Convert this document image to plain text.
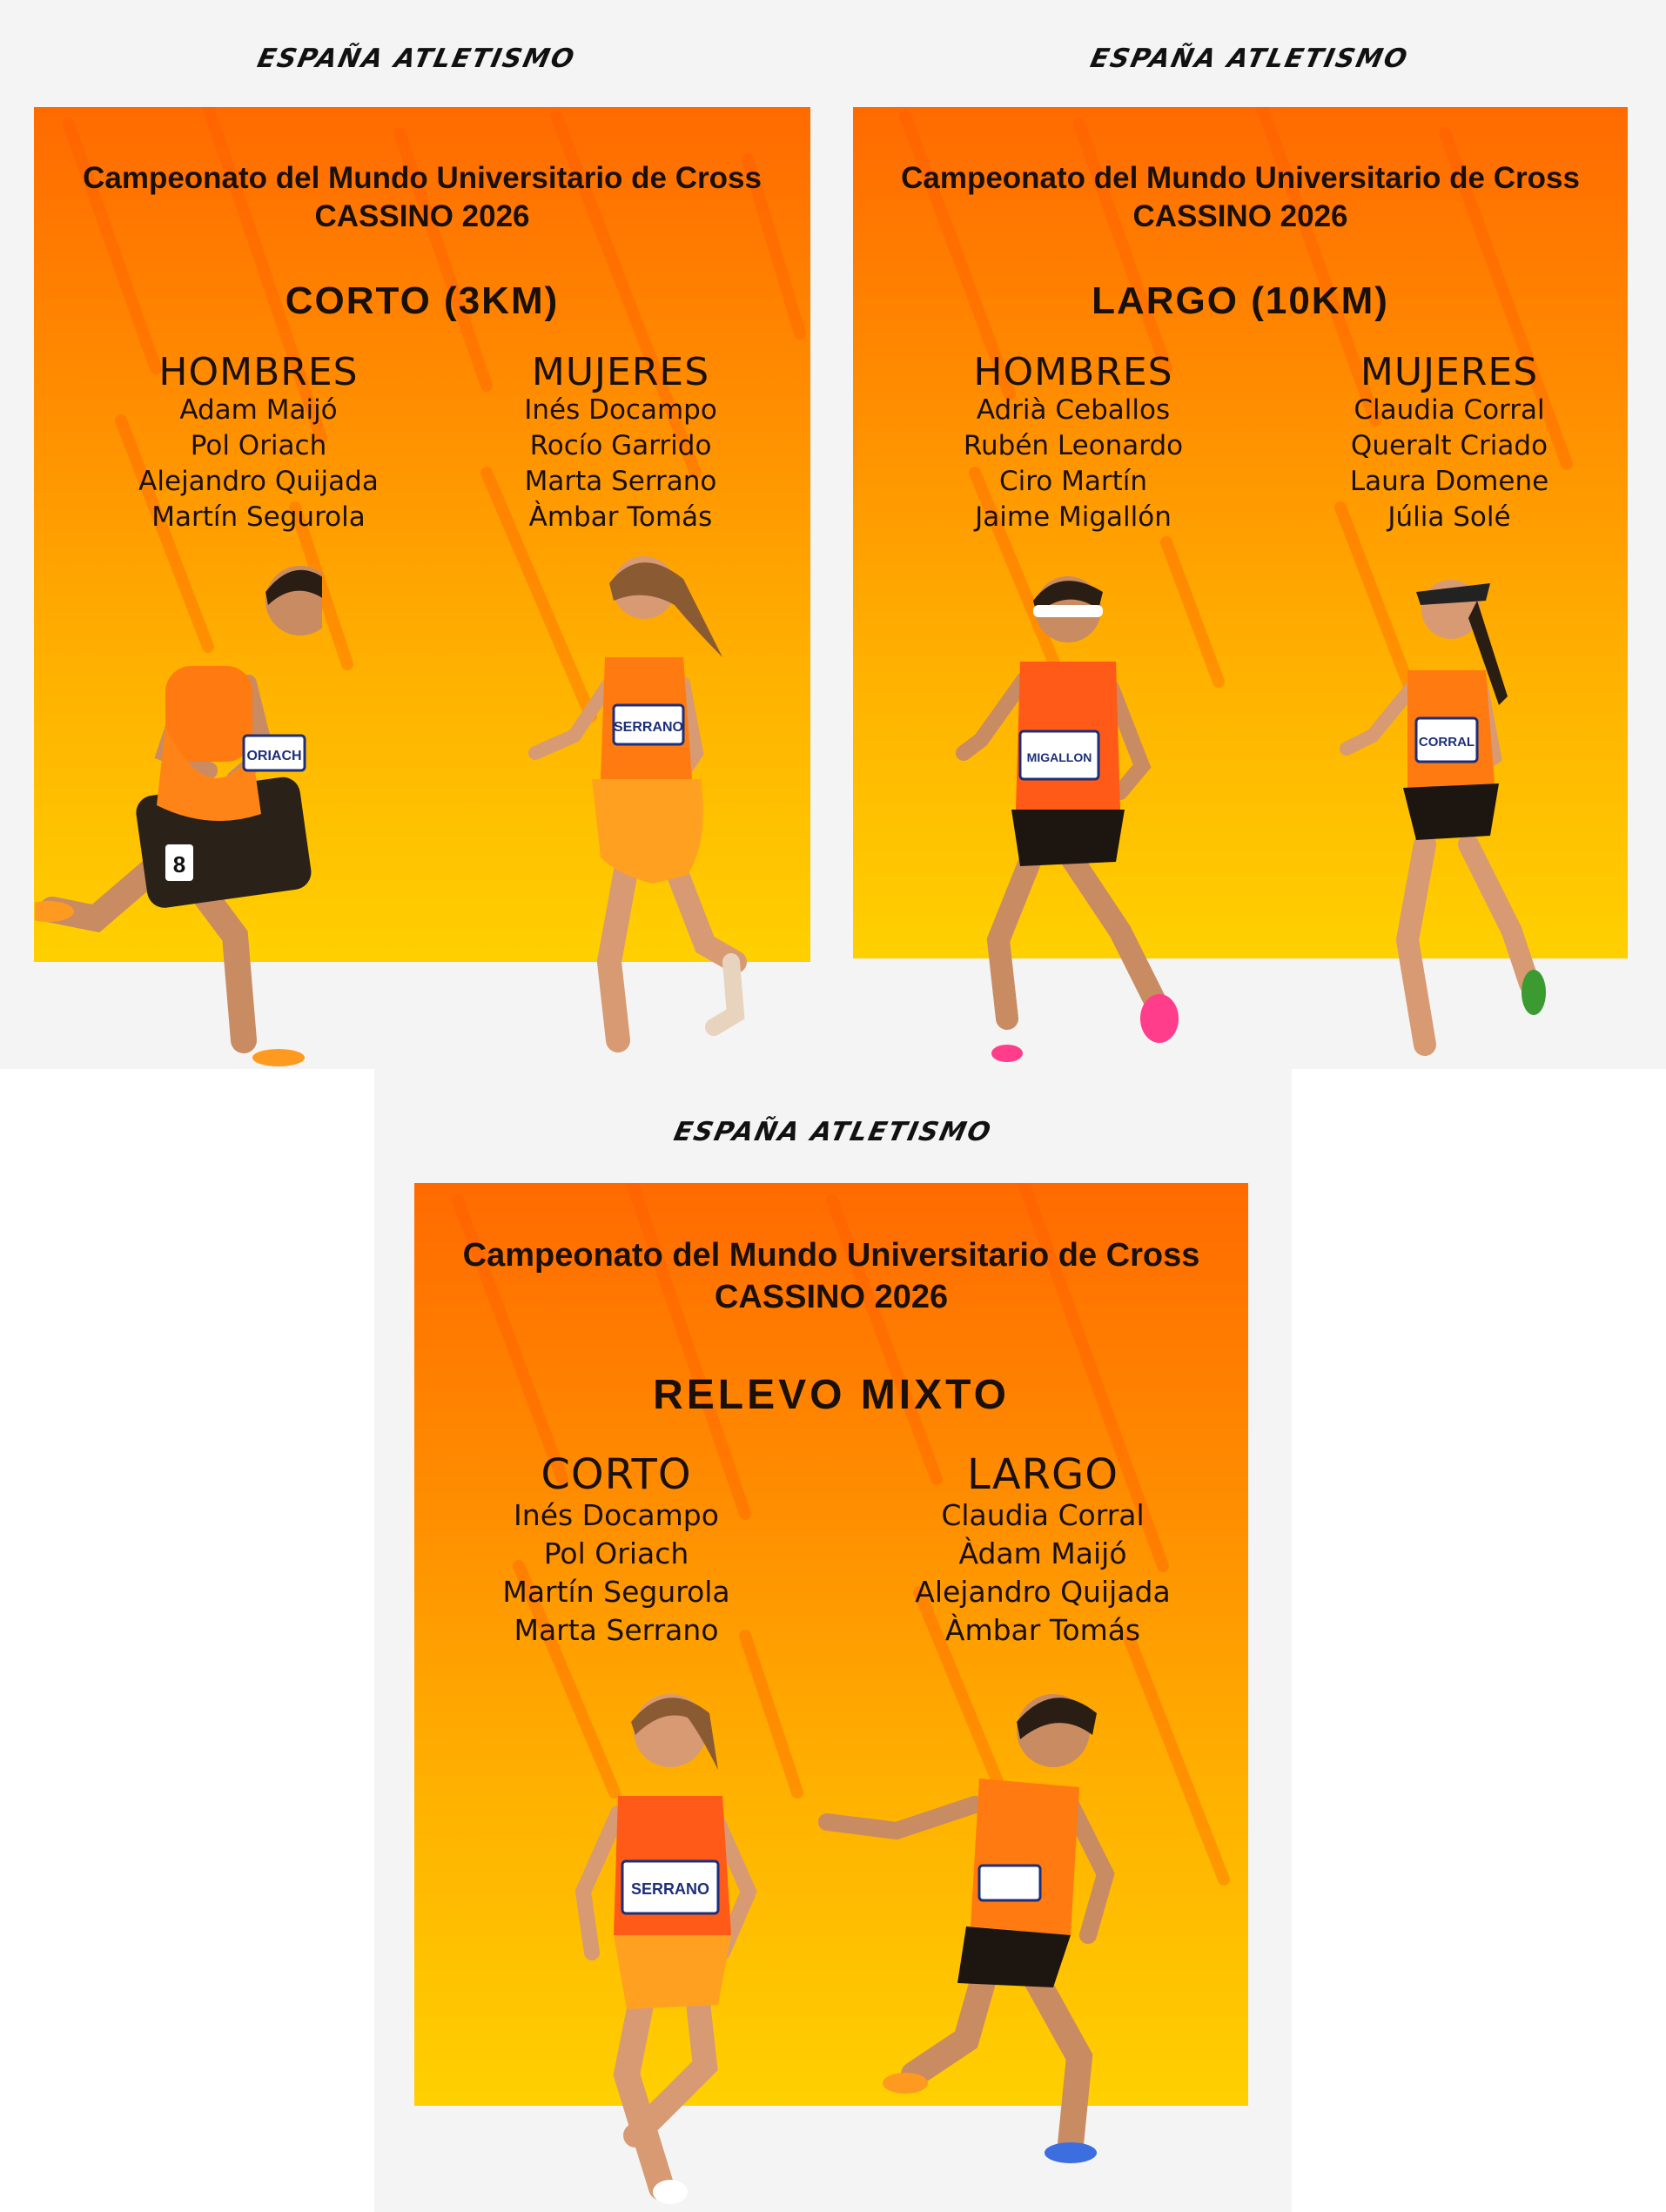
ESPAÑA ATLETISMO
Campeonato del Mundo Universitario de Cross
CASSINO 2026
CORTO (3KM)
HOMBRES
Adam Maijó
Pol Oriach
Alejandro Quijada
Martín Segurola
MUJERES
Inés Docampo
Rocío Garrido
Marta Serrano
Àmbar Tomás
ORIACH
8
SERRANO
ESPAÑA ATLETISMO
Campeonato del Mundo Universitario de Cross
CASSINO 2026
LARGO (10KM)
HOMBRES
Adrià Ceballos
Rubén Leonardo
Ciro Martín
Jaime Migallón
MUJERES
Claudia Corral
Queralt Criado
Laura Domene
Júlia Solé
MIGALLON
CORRAL
ESPAÑA ATLETISMO
Campeonato del Mundo Universitario de Cross
CASSINO 2026
RELEVO MIXTO
CORTO
Inés Docampo
Pol Oriach
Martín Segurola
Marta Serrano
LARGO
Claudia Corral
Àdam Maijó
Alejandro Quijada
Àmbar Tomás
SERRANO
